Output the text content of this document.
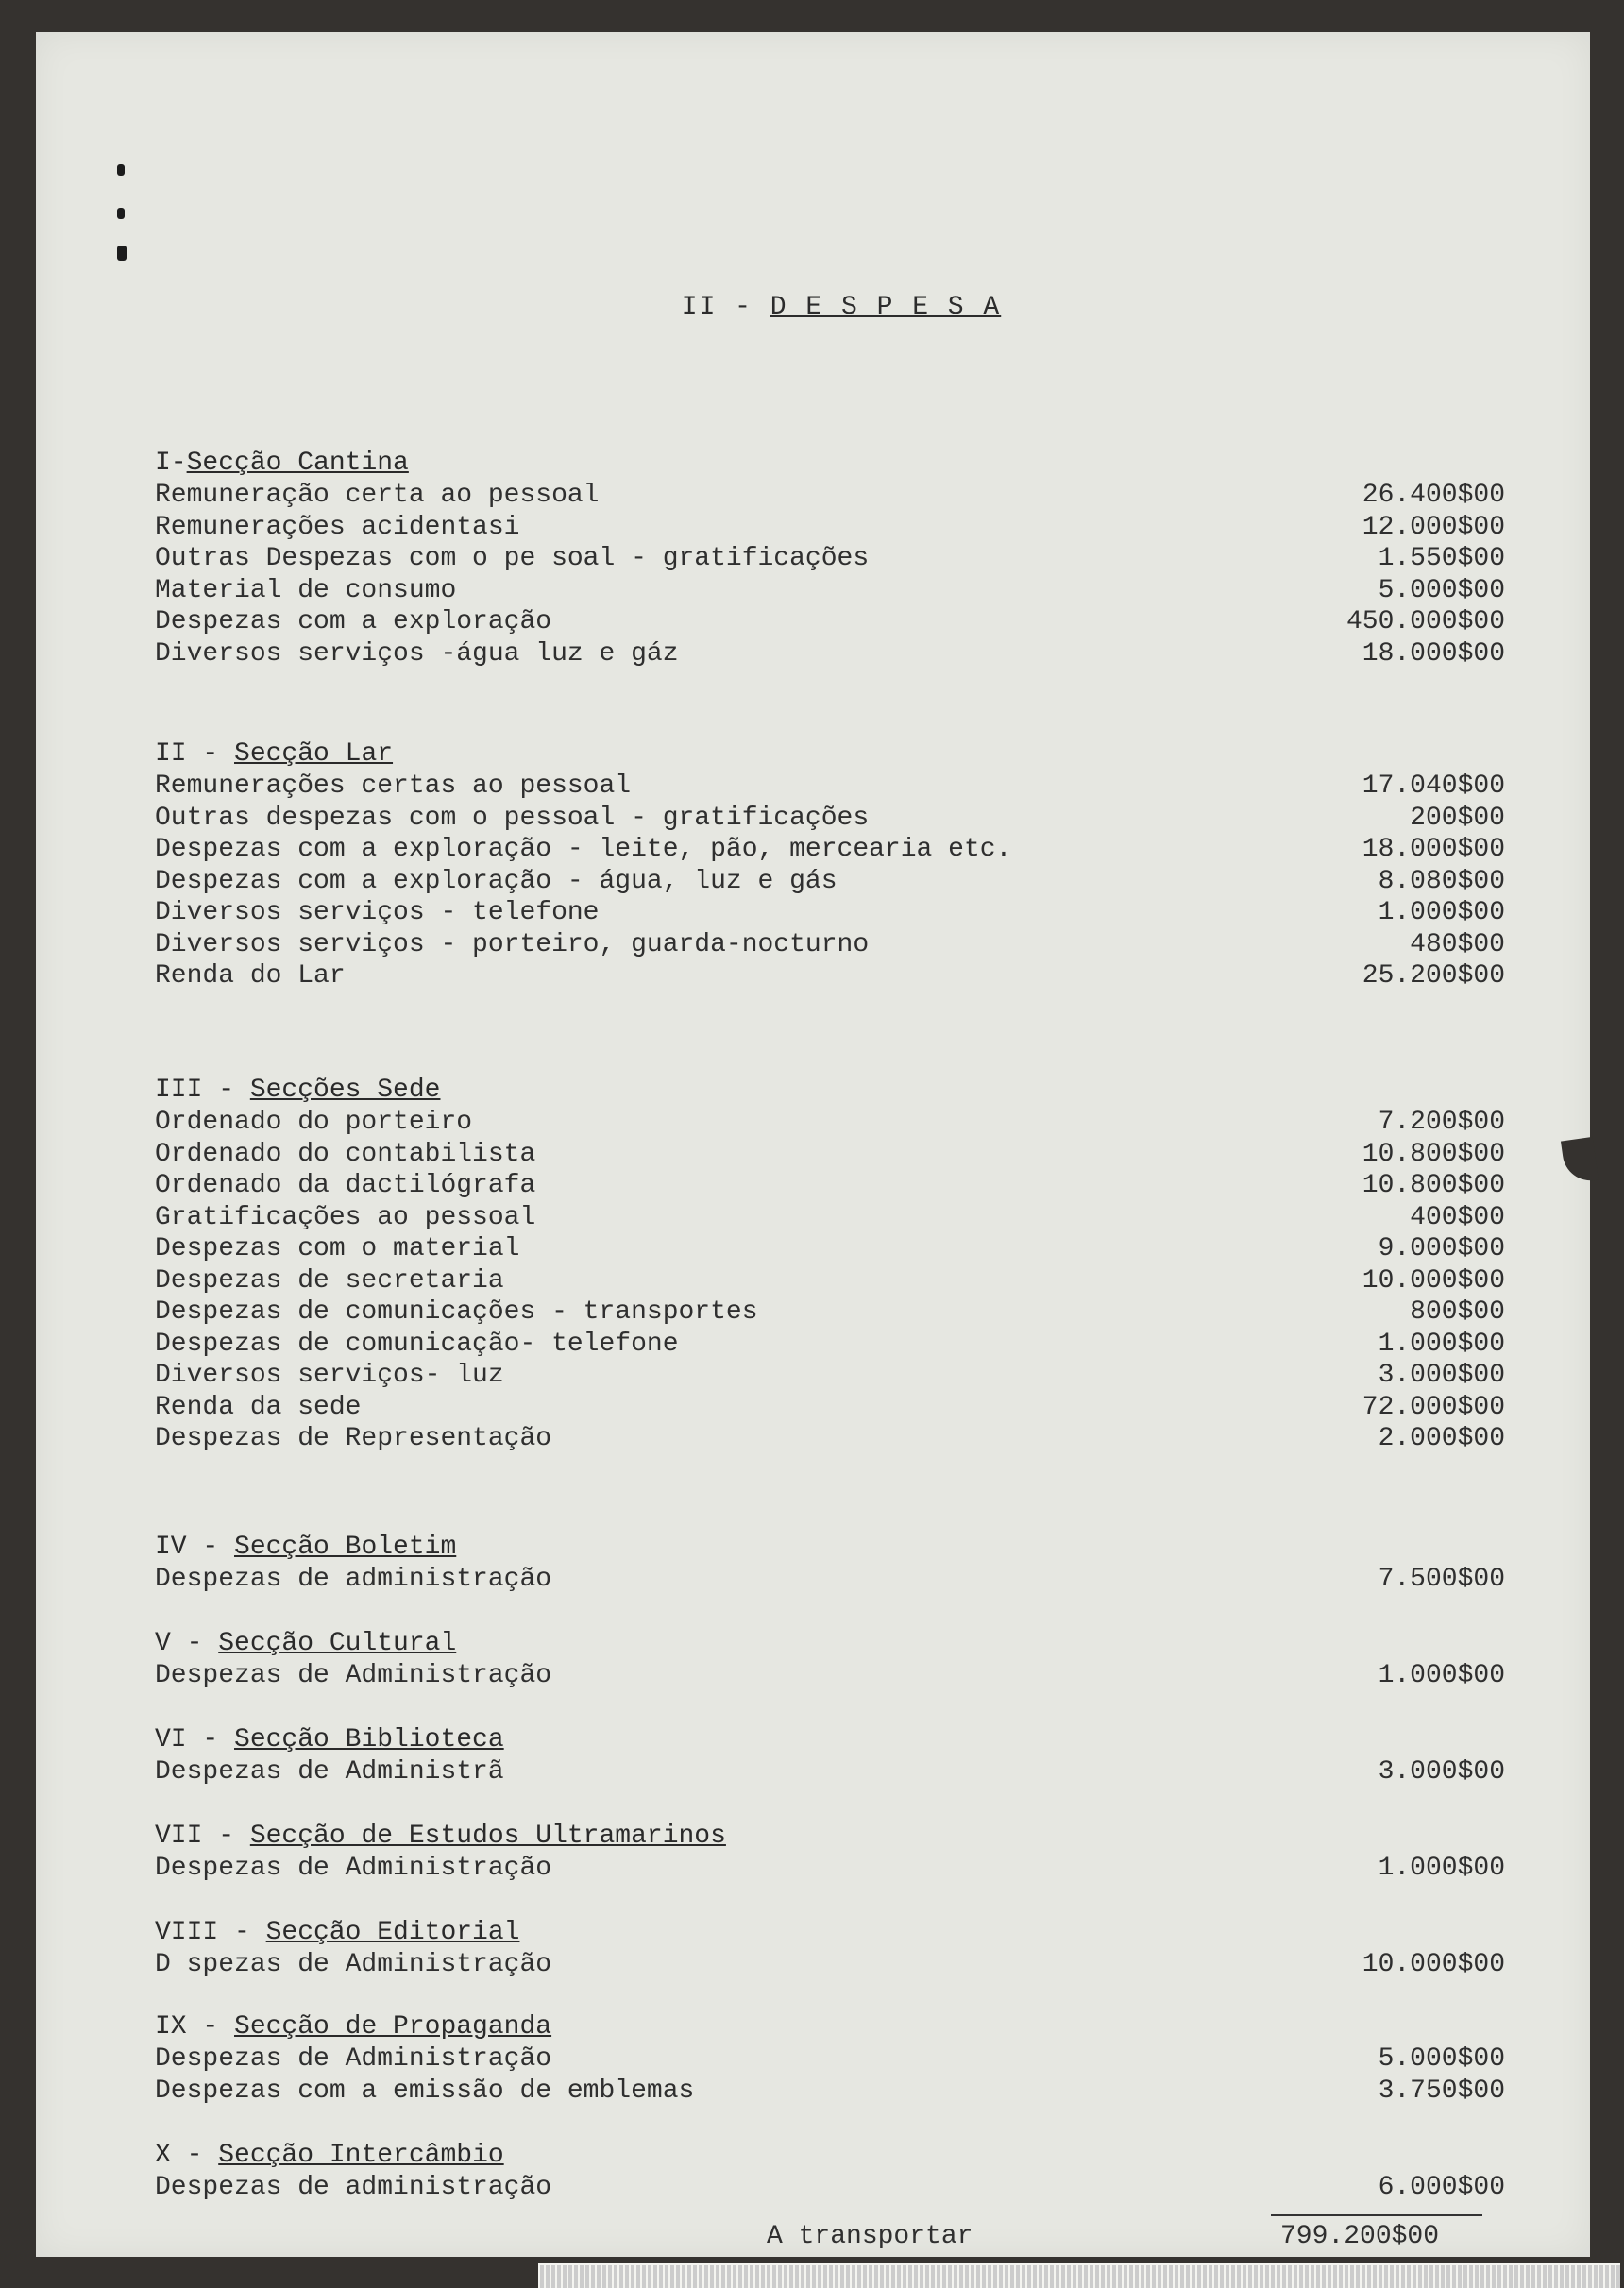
II - D E S P E S A
I-Secção Cantina
Remuneração certa ao pessoal	26.400$00
Remunerações acidentasi	12.000$00
Outras Despezas com o pe soal - gratificações	1.550$00
Material de consumo	5.000$00
Despezas com a exploração	450.000$00
Diversos serviços -água luz e gáz	18.000$00
II - Secção Lar
Remunerações certas ao pessoal	17.040$00
Outras despezas com o pessoal - gratificações	200$00
Despezas com a exploração - leite, pão, mercearia etc.	18.000$00
Despezas com a exploração - água, luz e gás	8.080$00
Diversos serviços - telefone	1.000$00
Diversos serviços - porteiro, guarda-nocturno	480$00
Renda do Lar	25.200$00
III - Secções Sede
Ordenado do porteiro	7.200$00
Ordenado do contabilista	10.800$00
Ordenado da dactilógrafa	10.800$00
Gratificações ao pessoal	400$00
Despezas com o material	9.000$00
Despezas de secretaria	10.000$00
Despezas de comunicações - transportes	800$00
Despezas de comunicação- telefone	1.000$00
Diversos serviços- luz	3.000$00
Renda da sede	72.000$00
Despezas de Representação	2.000$00
IV - Secção Boletim
Despezas de administração	7.500$00
V - Secção Cultural
Despezas de Administração	1.000$00
VI - Secção Biblioteca
Despezas de Administrã	3.000$00
VII - Secção de Estudos Ultramarinos
Despezas de Administração	1.000$00
VIII - Secção Editorial
D spezas de Administração	10.000$00
IX - Secção de Propaganda
Despezas de Administração	5.000$00
Despezas com a emissão de emblemas	3.750$00
X - Secção Intercâmbio
Despezas de administração	6.000$00
A transportar	799.200$00
